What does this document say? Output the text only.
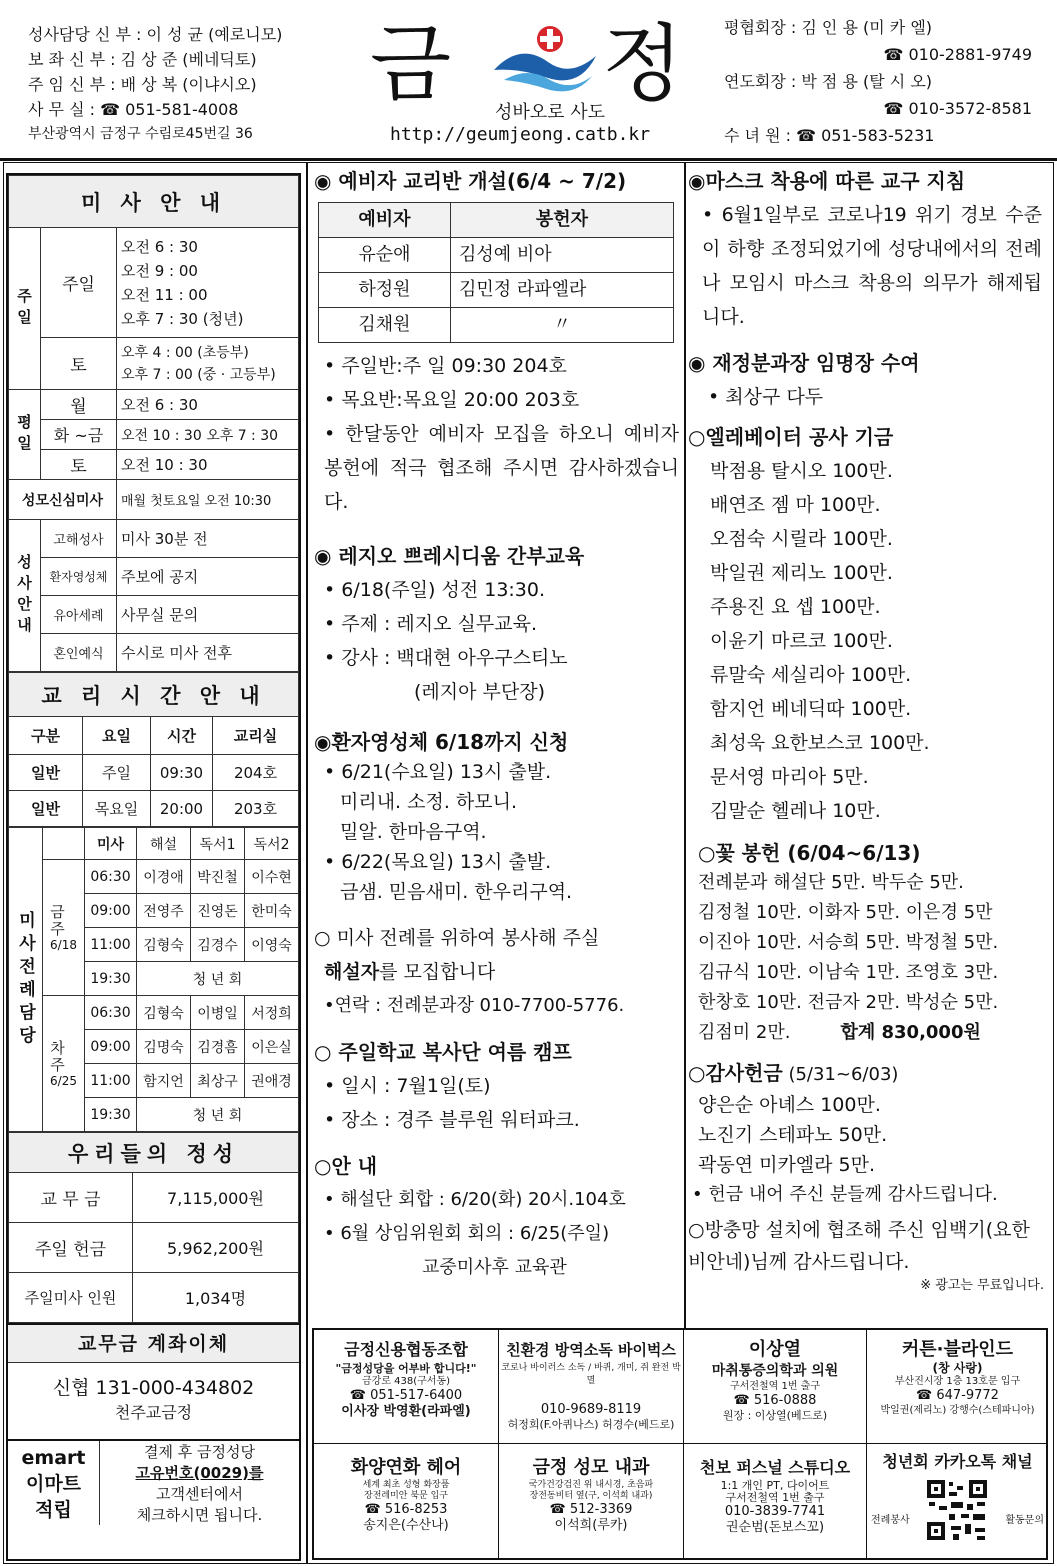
성사담당 신 부 : 이 성 균 (예로니모)
보 좌 신 부 : 김 상 준 (베네딕토)
주 임 신 부 : 배 상 복 (이냐시오)
사 무 실 : ☎ 051-581-4008
부산광역시 금정구 수림로45번길 36
금 정
성바오로 사도
http://geumjeong.catb.kr
평협회장 : 김 인 용 (미 카 엘)
☎ 010-2881-9749
연도회장 : 박 점 용 (탈 시 오)
☎ 010-3572-8581
수 녀 원 : ☎ 051-583-5231
미 사 안 내		
주일	주일	오전 6 : 30
오전 9 : 00
오전 11 : 00
오후 7 : 30 (청년)

	토	오후 4 : 00 (초등부)
오후 7 : 00 (중 · 고등부)

평일	월	오전 6 : 30
	화 ~금	오전 10 : 30 오후 7 : 30
	토	오전 10 : 30
성모신심미사		매월 첫토요일 오전 10:30
성사안내	고해성사	미사 30분 전
	환자영성체	주보에 공지
	유아세례	사무실 문의
	혼인예식	수시로 미사 전후
교 리 시 간 안 내			
구분	요일	시간	교리실
일반	주일	09:30	204호
일반	목요일	20:00	203호
미사전례담당		미사	해설	독서1	독서2

	금주
6/18	06:30	이경애	박진철	이수현
		09:00	전영주	진영돈	한미숙
		11:00	김형숙	김경수	이영숙
		19:30	청 년 회		

	차주
6/25	06:30	김형숙	이병일	서정희
		09:00	김명숙	김경흠	이은실
		11:00	함지언	최상구	권애경
		19:30	청 년 회		
우리들의 정성	
교 무 금	7,115,000원
주일 헌금	5,962,200원
주일미사 인원	1,034명
교무금 계좌이체
신협 131-000-434802
천주교금정
emart
이마트
적립
결제 후 금정성당
고유번호(0029)를
고객센터에서
체크하시면 됩니다.
◉ 예비자 교리반 개설(6/4 ~ 7/2)
예비자	봉헌자
유순애	김성예 비아
하정원	김민정 라파엘라
김채원	〃
• 주일반:주 일 09:30 204호
• 목요반:목요일 20:00 203호
• 한달동안 예비자 모집을 하오니 예비자 봉헌에 적극 협조해 주시면 감사하겠습니다.
◉ 레지오 쁘레시디움 간부교육
• 6/18(주일) 성전 13:30.
• 주제 : 레지오 실무교육.
• 강사 : 백대현 아우구스티노
(레지아 부단장)
◉환자영성체 6/18까지 신청
• 6/21(수요일) 13시 출발.
미리내. 소정. 하모니.
밀알. 한마음구역.
• 6/22(목요일) 13시 출발.
금샘. 믿음새미. 한우리구역.
○ 미사 전례를 위하여 봉사해 주실
해설자를 모집합니다
•연락 : 전례분과장 010-7700-5776.
○ 주일학교 복사단 여름 캠프
• 일시 : 7월1일(토)
• 장소 : 경주 블루원 워터파크.
○안 내
• 해설단 회합 : 6/20(화) 20시.104호
• 6월 상임위원회 회의 : 6/25(주일)
교중미사후 교육관
◉마스크 착용에 따른 교구 지침
• 6월1일부로 코로나19 위기 경보 수준이 하향 조정되었기에 성당내에서의 전례나 모임시 마스크 착용의 의무가 해제됩니다.
◉ 재정분과장 임명장 수여
• 최상구 다두
○엘레베이터 공사 기금
박점용 탈시오 100만.
배연조 젬 마 100만.
오점숙 시릴라 100만.
박일권 제리노 100만.
주용진 요 셉 100만.
이윤기 마르코 100만.
류말숙 세실리아 100만.
함지언 베네딕따 100만.
최성욱 요한보스코 100만.
문서영 마리아 5만.
김말순 헬레나 10만.
○꽃 봉헌 (6/04~6/13)
전례분과 해설단 5만. 박두순 5만.
김정철 10만. 이화자 5만. 이은경 5만
이진아 10만. 서승희 5만. 박정철 5만.
김규식 10만. 이남숙 1만. 조영호 3만.
한창호 10만. 전금자 2만. 박성순 5만.
김점미 2만.	합계 830,000원
○감사헌금 (5/31~6/03)
양은순 아녜스 100만.
노진기 스테파노 50만.
곽동연 미카엘라 5만.
• 헌금 내어 주신 분들께 감사드립니다.
○방충망 설치에 협조해 주신 임백기(요한비안네)님께 감사드립니다.
※ 광고는 무료입니다.
금정신용협동조합
"금정성당을 어부바 합니다!"
금강로 438(구서동)
☎ 051-517-6400
이사장 박영환(라파엘)
친환경 방역소독 바이벅스
코로나 바이러스 소독 / 바퀴, 개미, 쥐 완전 박멸
010-9689-8119
허정희(F.아퀴나스) 허경수(베드로)
이상열
마취통증의학과 의원
구서전철역 1번 출구
☎ 516-0888
원장 : 이상열(베드로)
커튼·블라인드
(창 사랑)
부산진시장 1층 13호문 입구
☎ 647-9772
박일권(제리노) 강행수(스테파니아)
화양연화 헤어
세계 최초 성형 화장품
장전레미안 북문 입구
☎ 516-8253
송지은(수산나)
금정 성모 내과
국가건강검진 위 내시경, 초음파
장전동비터 옆(구, 이석희 내과)
☎ 512-3369
이석희(루카)
천보 퍼스널 스튜디오
1:1 개인 PT, 다이어트
구서전철역 1번 출구
010-3839-7741
권순범(돈보스꼬)
청년회 카카오톡 채널
전례봉사	활동문의
